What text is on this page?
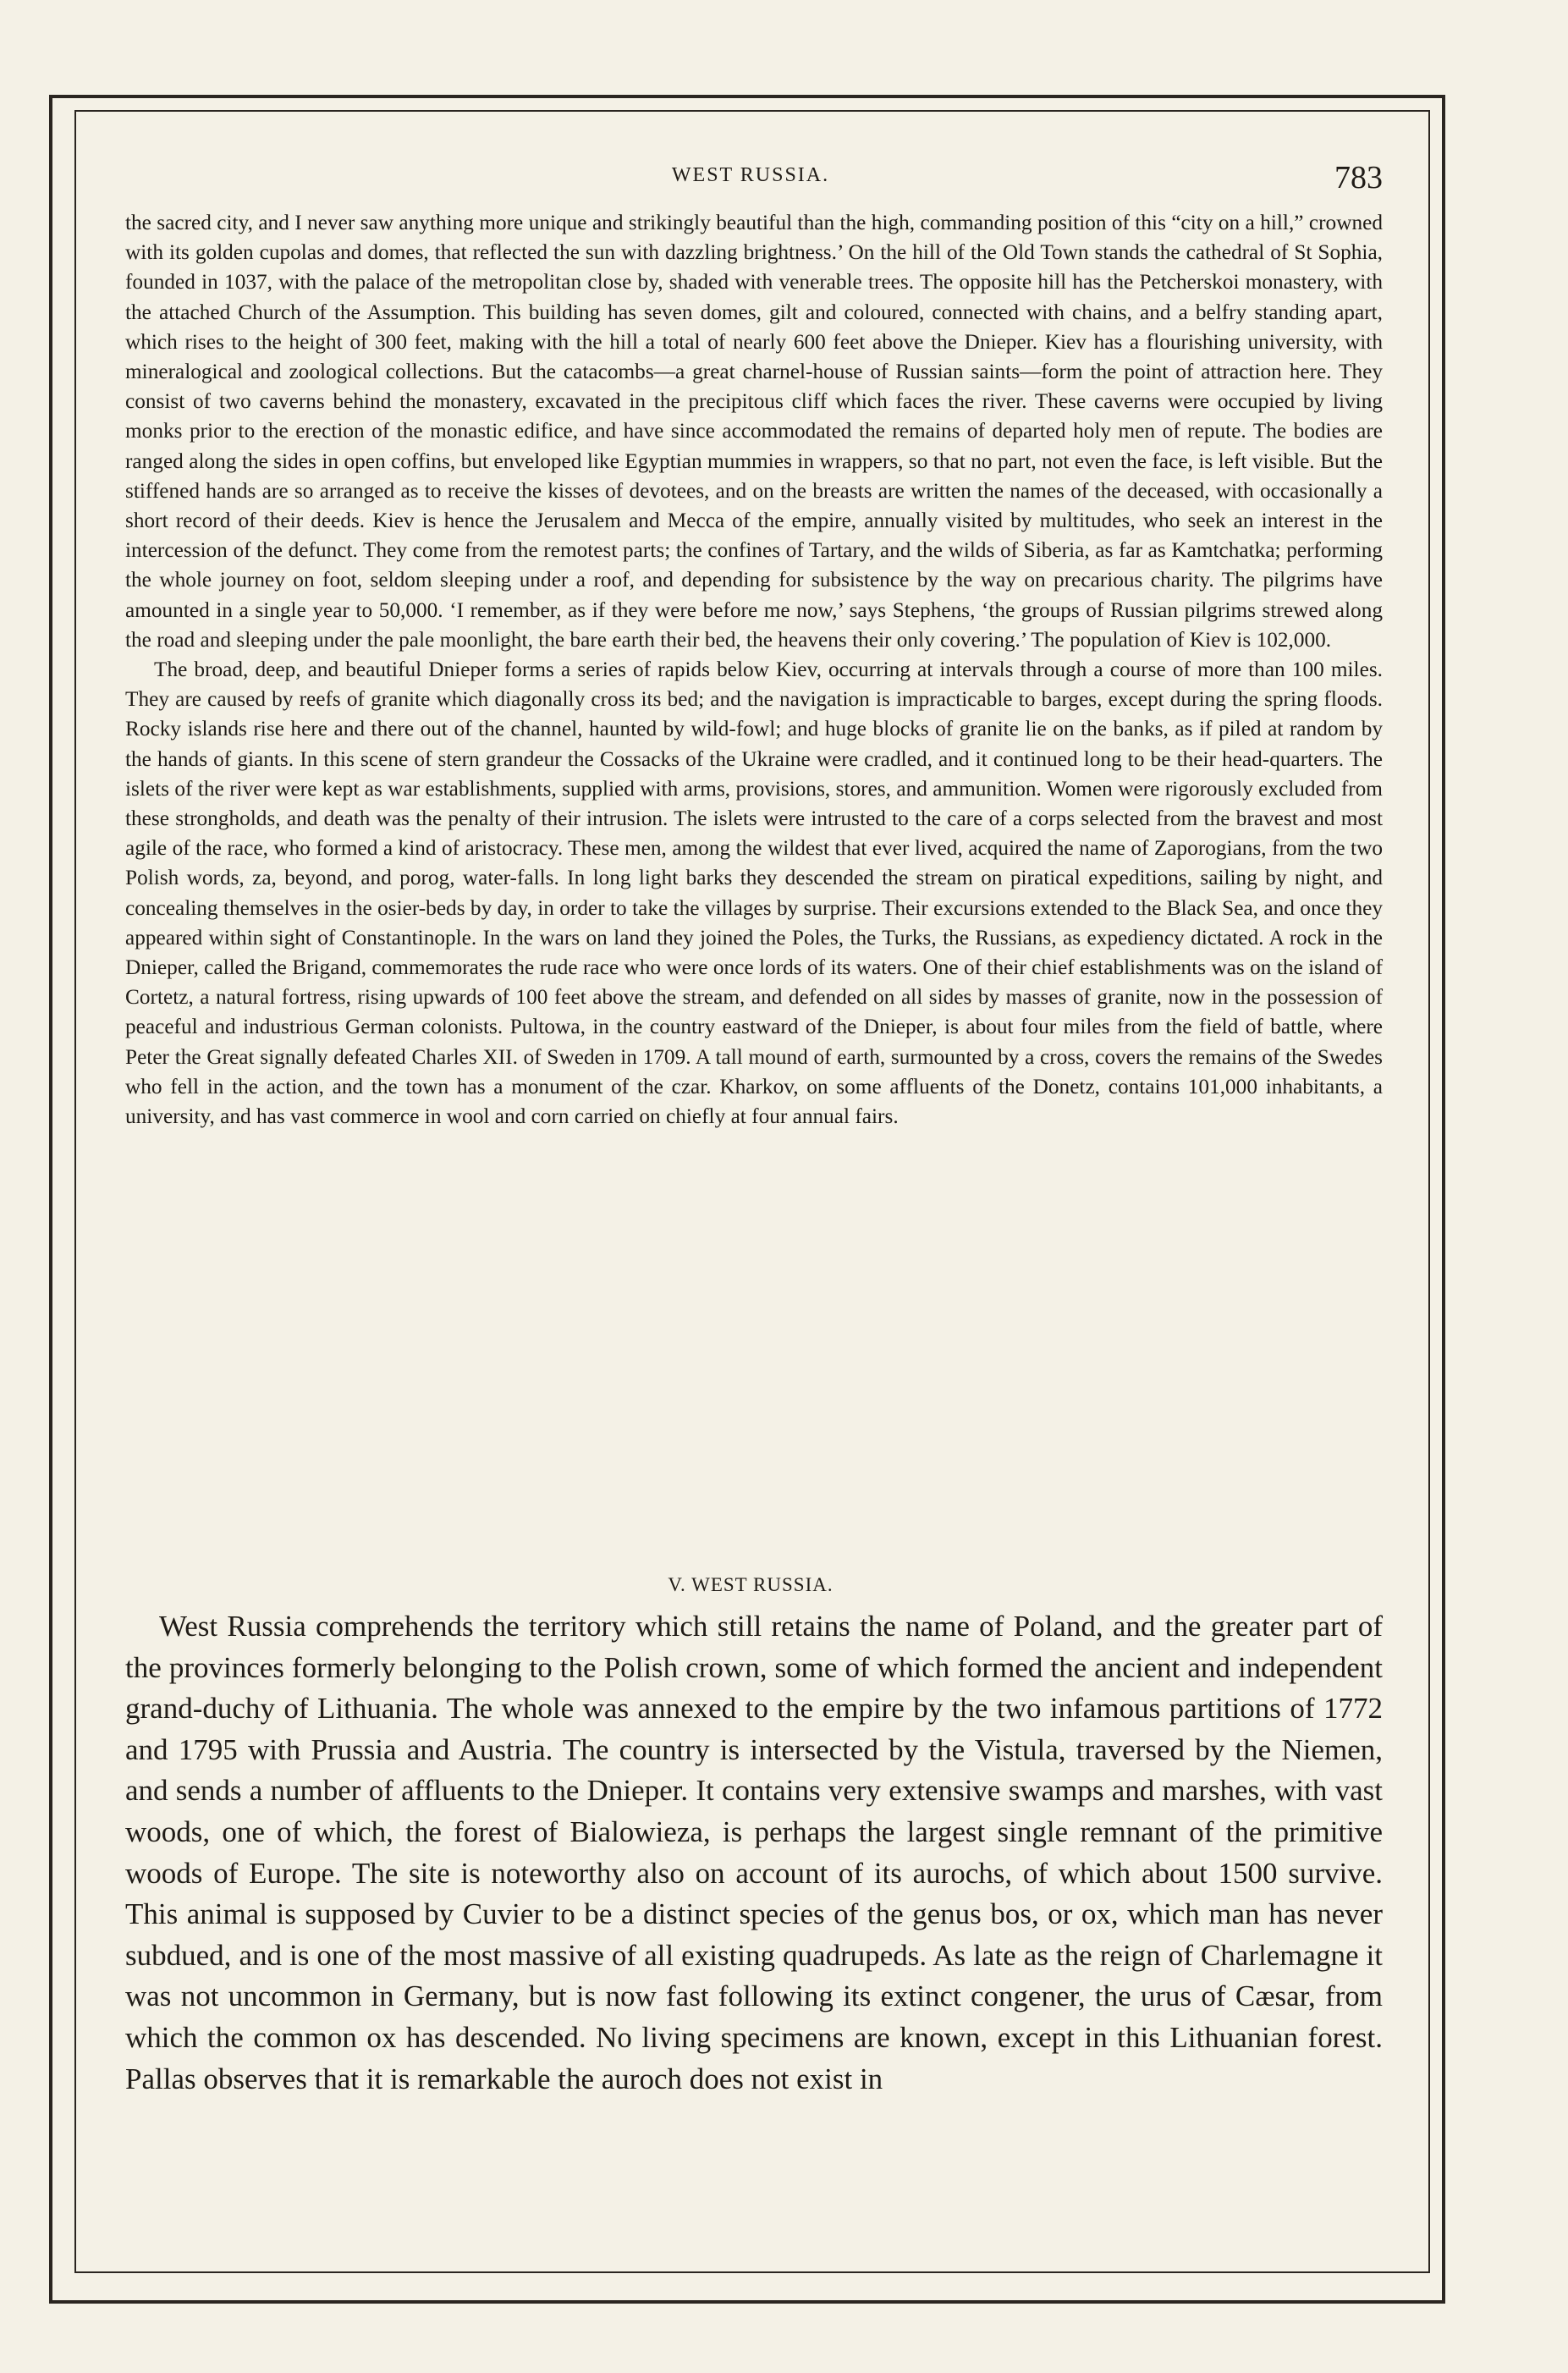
WEST RUSSIA.	783

the sacred city, and I never saw anything more unique and strikingly beautiful than the high, commanding position of this “city on a hill,” crowned with its golden cupolas and domes, that reflected the sun with dazzling brightness.’ On the hill of the Old Town stands the cathedral of St Sophia, founded in 1037, with the palace of the metropolitan close by, shaded with venerable trees. The opposite hill has the Petcherskoi monastery, with the attached Church of the Assumption. This building has seven domes, gilt and coloured, connected with chains, and a belfry standing apart, which rises to the height of 300 feet, making with the hill a total of nearly 600 feet above the Dnieper. Kiev has a flourishing university, with mineralogical and zoological collections. But the catacombs—a great charnel-house of Russian saints—form the point of attraction here. They consist of two caverns behind the monastery, excavated in the precipitous cliff which faces the river. These caverns were occupied by living monks prior to the erection of the monastic edifice, and have since accommodated the remains of departed holy men of repute. The bodies are ranged along the sides in open coffins, but enveloped like Egyptian mummies in wrappers, so that no part, not even the face, is left visible. But the stiffened hands are so arranged as to receive the kisses of devotees, and on the breasts are written the names of the deceased, with occasionally a short record of their deeds. Kiev is hence the Jerusalem and Mecca of the empire, annually visited by multitudes, who seek an interest in the intercession of the defunct. They come from the remotest parts; the confines of Tartary, and the wilds of Siberia, as far as Kamtchatka; performing the whole journey on foot, seldom sleeping under a roof, and depending for subsistence by the way on precarious charity. The pilgrims have amounted in a single year to 50,000. ‘I remember, as if they were before me now,’ says Stephens, ‘the groups of Russian pilgrims strewed along the road and sleeping under the pale moonlight, the bare earth their bed, the heavens their only covering.’ The population of Kiev is 102,000.

The broad, deep, and beautiful Dnieper forms a series of rapids below Kiev, occurring at intervals through a course of more than 100 miles. They are caused by reefs of granite which diagonally cross its bed; and the navigation is impracticable to barges, except during the spring floods. Rocky islands rise here and there out of the channel, haunted by wild-fowl; and huge blocks of granite lie on the banks, as if piled at random by the hands of giants. In this scene of stern grandeur the Cossacks of the Ukraine were cradled, and it continued long to be their head-quarters. The islets of the river were kept as war establishments, supplied with arms, provisions, stores, and ammunition. Women were rigorously excluded from these strongholds, and death was the penalty of their intrusion. The islets were intrusted to the care of a corps selected from the bravest and most agile of the race, who formed a kind of aristocracy. These men, among the wildest that ever lived, acquired the name of Zaporogians, from the two Polish words, za, beyond, and porog, water-falls. In long light barks they descended the stream on piratical expeditions, sailing by night, and concealing themselves in the osier-beds by day, in order to take the villages by surprise. Their excursions extended to the Black Sea, and once they appeared within sight of Constantinople. In the wars on land they joined the Poles, the Turks, the Russians, as expediency dictated. A rock in the Dnieper, called the Brigand, commemorates the rude race who were once lords of its waters. One of their chief establishments was on the island of Cortetz, a natural fortress, rising upwards of 100 feet above the stream, and defended on all sides by masses of granite, now in the possession of peaceful and industrious German colonists. Pultowa, in the country eastward of the Dnieper, is about four miles from the field of battle, where Peter the Great signally defeated Charles XII. of Sweden in 1709. A tall mound of earth, surmounted by a cross, covers the remains of the Swedes who fell in the action, and the town has a monument of the czar. Kharkov, on some affluents of the Donetz, contains 101,000 inhabitants, a university, and has vast commerce in wool and corn carried on chiefly at four annual fairs.

V. WEST RUSSIA.

West Russia comprehends the territory which still retains the name of Poland, and the greater part of the provinces formerly belonging to the Polish crown, some of which formed the ancient and independent grand-duchy of Lithuania. The whole was annexed to the empire by the two infamous partitions of 1772 and 1795 with Prussia and Austria. The country is intersected by the Vistula, traversed by the Niemen, and sends a number of affluents to the Dnieper. It contains very extensive swamps and marshes, with vast woods, one of which, the forest of Bialowieza, is perhaps the largest single remnant of the primitive woods of Europe. The site is noteworthy also on account of its aurochs, of which about 1500 survive. This animal is supposed by Cuvier to be a distinct species of the genus bos, or ox, which man has never subdued, and is one of the most massive of all existing quadrupeds. As late as the reign of Charlemagne it was not uncommon in Germany, but is now fast following its extinct congener, the urus of Cæsar, from which the common ox has descended. No living specimens are known, except in this Lithuanian forest. Pallas observes that it is remarkable the auroch does not exist in
